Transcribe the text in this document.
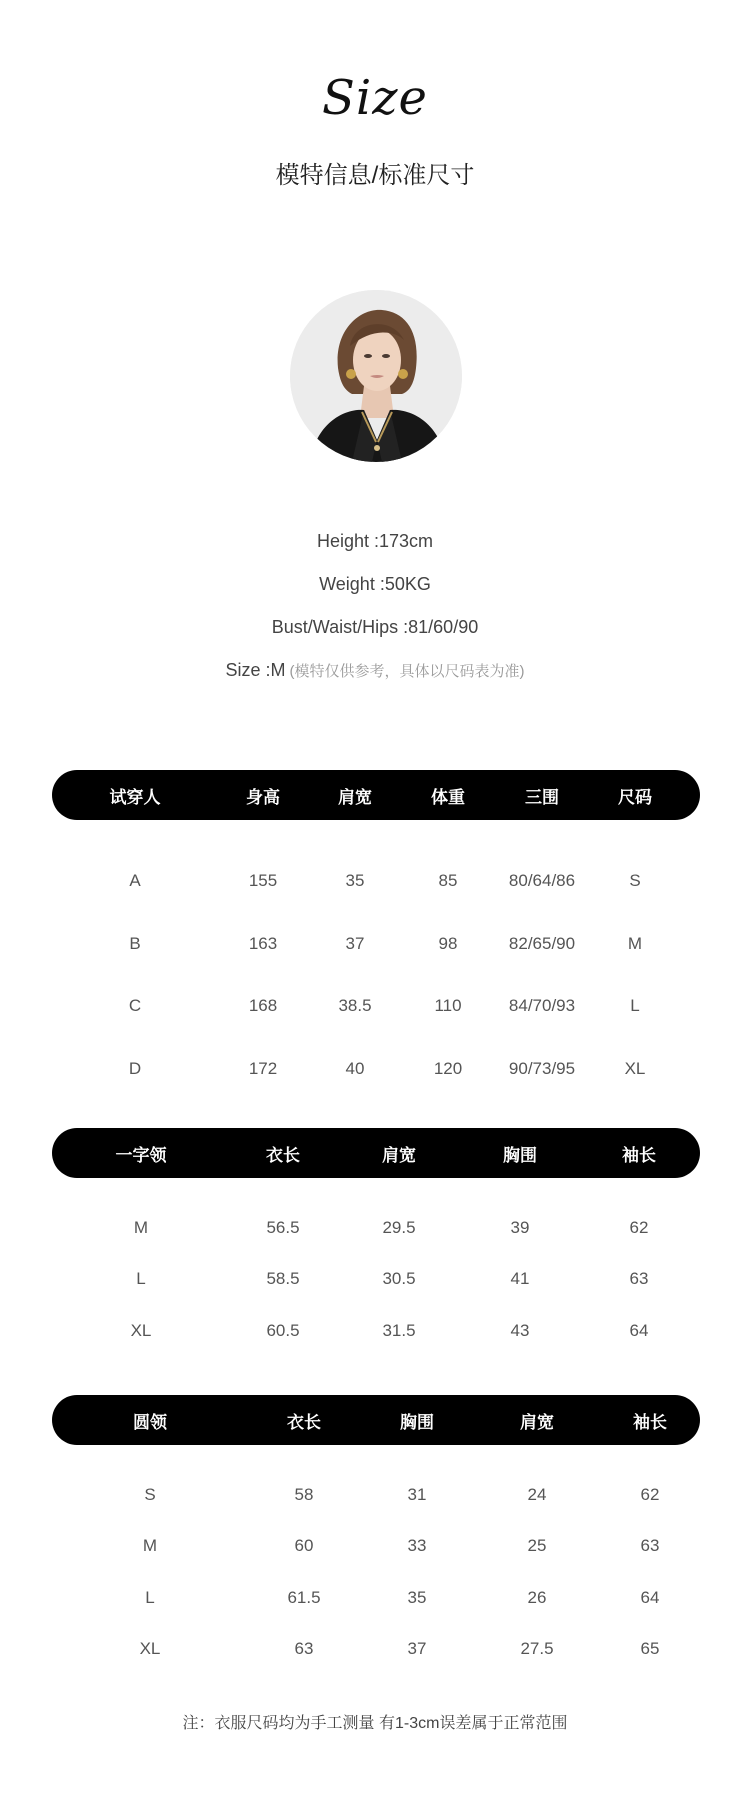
Size
模特信息/标准尺寸
Height :173cm
Weight :50KG
Bust/Waist/Hips :81/60/90
Size :M (模特仅供参考，具体以尺码表为准)
试穿人	身高	肩宽	体重	三围	尺码
A	155	35	85	80/64/86	S
B	163	37	98	82/65/90	M
C	168	38.5	110	84/70/93	L
D	172	40	120	90/73/95	XL
一字领	衣长	肩宽	胸围	袖长
M	56.5	29.5	39	62
L	58.5	30.5	41	63
XL	60.5	31.5	43	64
圆领	衣长	胸围	肩宽	袖长
S	58	31	24	62
M	60	33	25	63
L	61.5	35	26	64
XL	63	37	27.5	65
注：衣服尺码均为手工测量 有1-3cm误差属于正常范围
